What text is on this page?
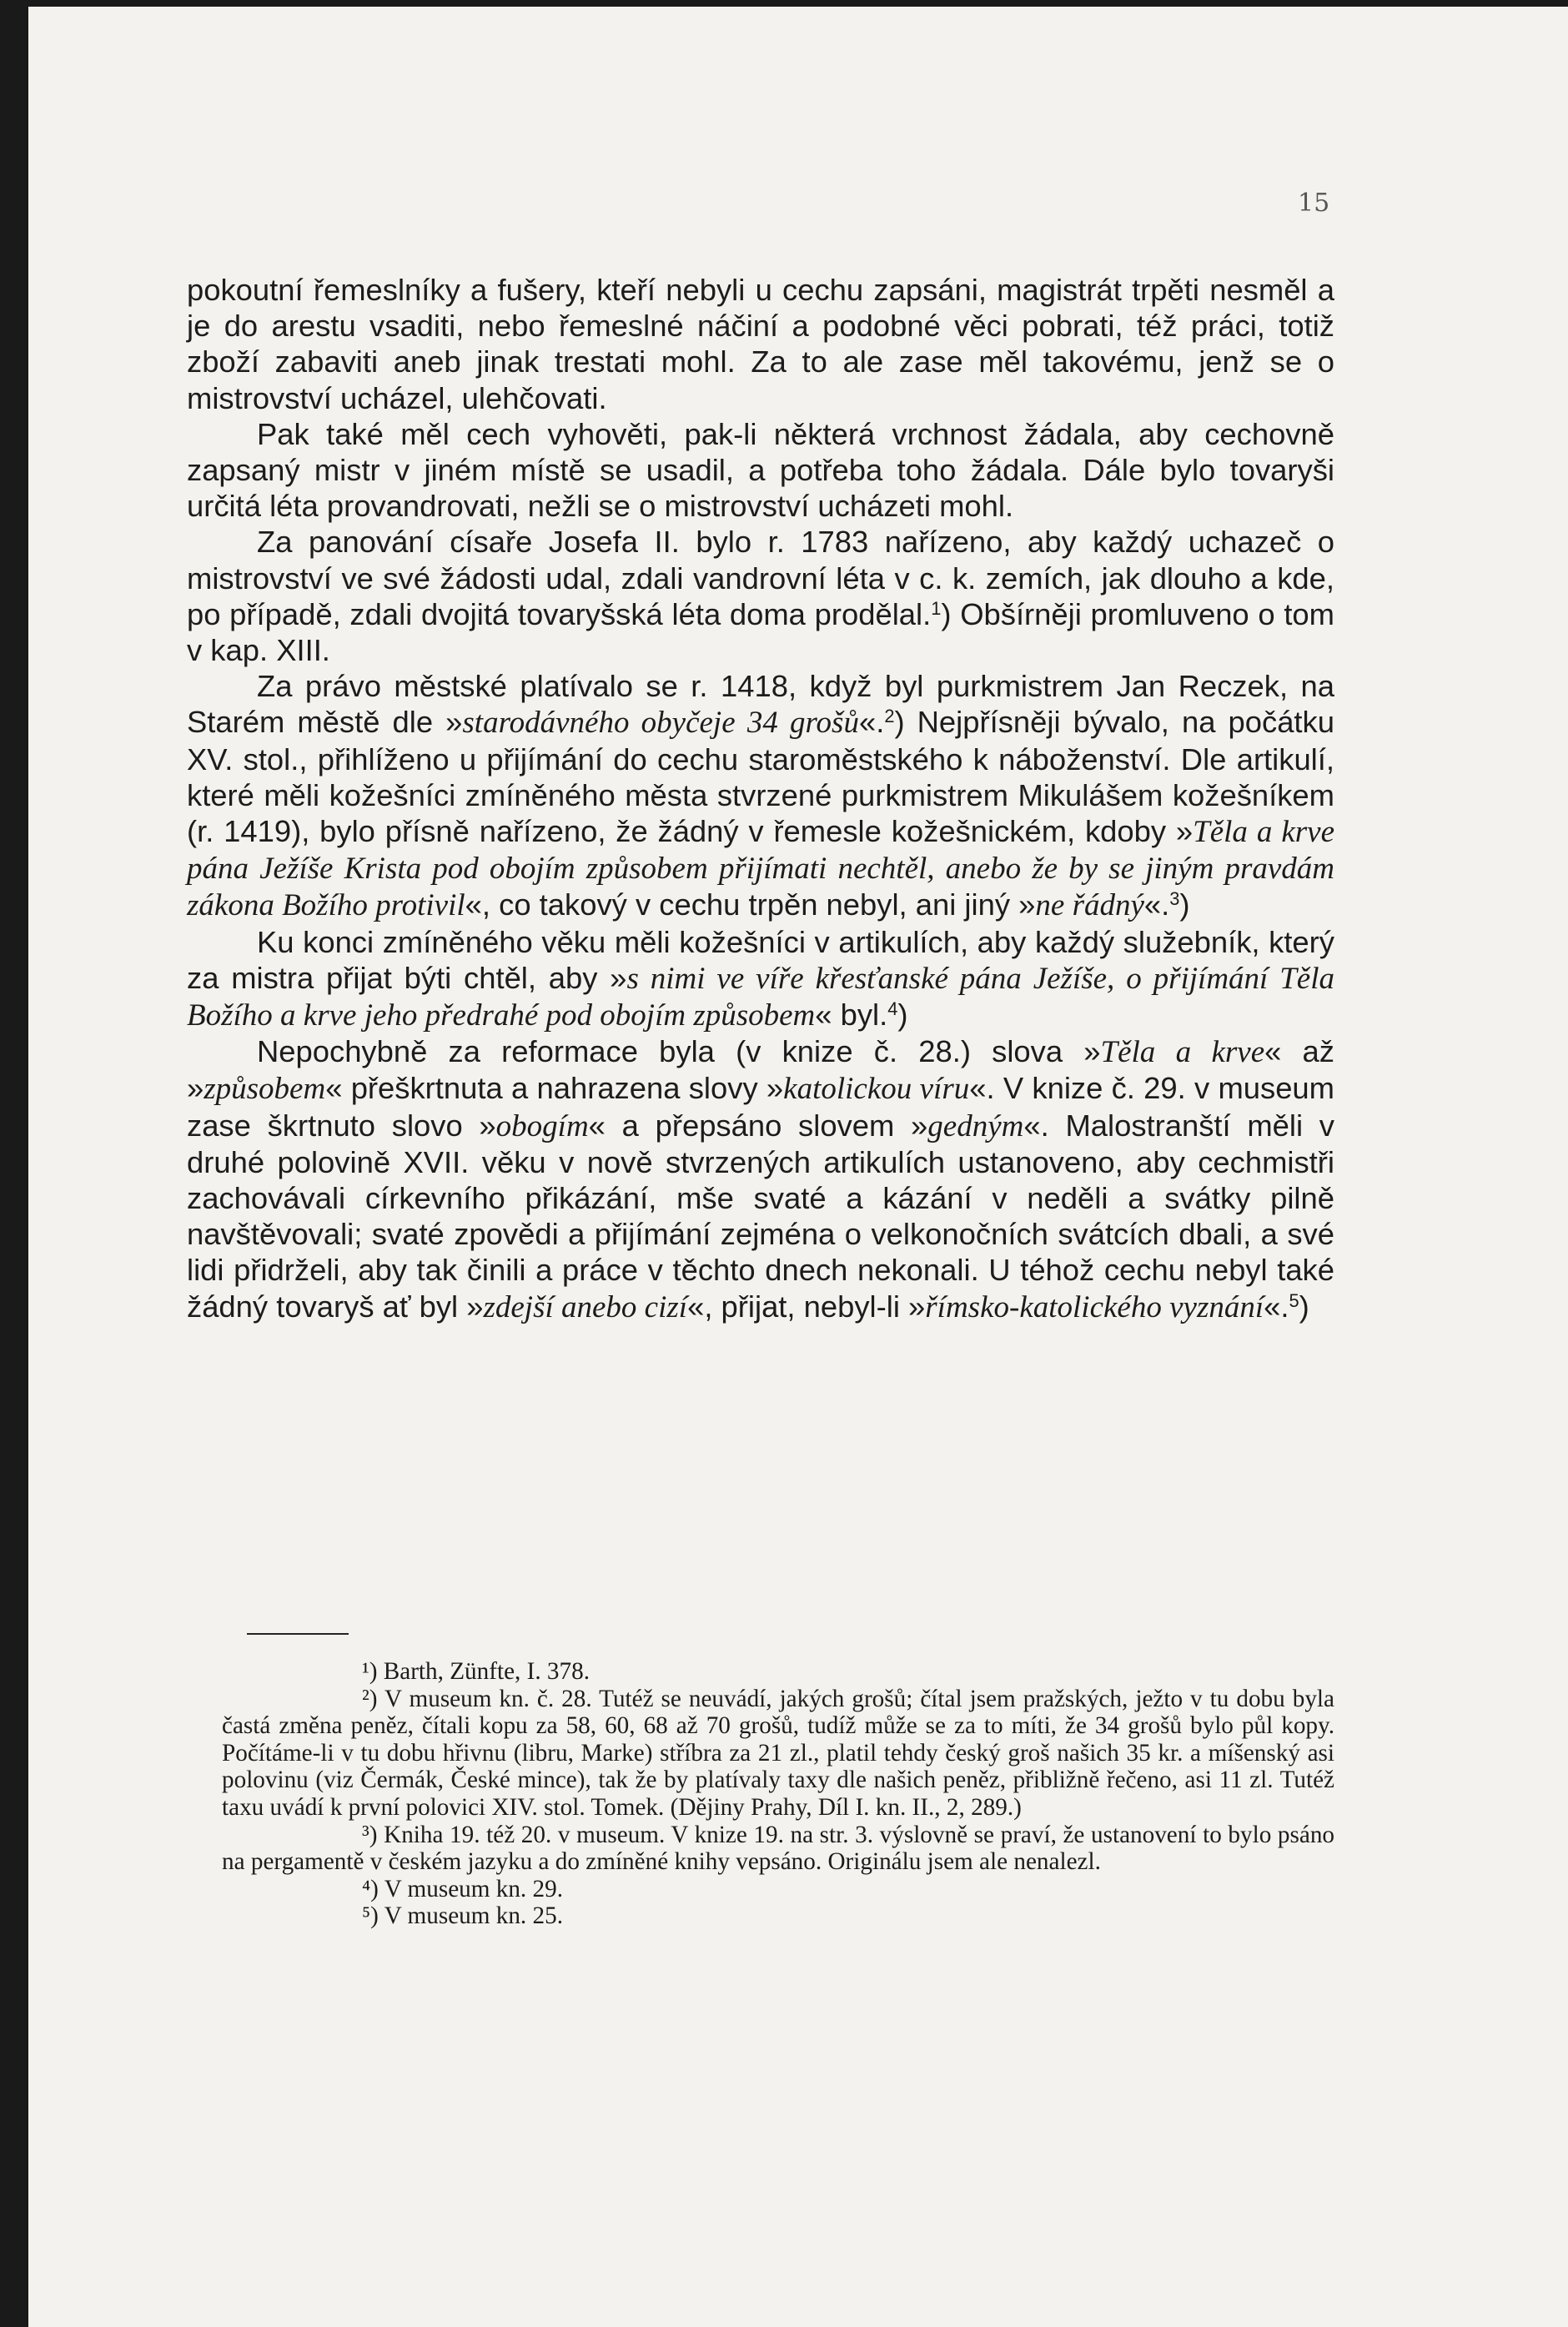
15

pokoutní řemeslníky a fušery, kteří nebyli u cechu zapsáni, magistrát trpěti nesměl a je do arestu vsaditi, nebo řemeslné náčiní a podobné věci pobrati, též práci, totiž zboží zabaviti aneb jinak trestati mohl. Za to ale zase měl takovému, jenž se o mistrovství ucházel, ulehčovati.

Pak také měl cech vyhověti, pak-li některá vrchnost žádala, aby cechovně zapsaný mistr v jiném místě se usadil, a potřeba toho žádala. Dále bylo tovaryši určitá léta provandrovati, nežli se o mistrovství ucházeti mohl.

Za panování císaře Josefa II. bylo r. 1783 nařízeno, aby každý uchazeč o mistrovství ve své žádosti udal, zdali vandrovní léta v c. k. zemích, jak dlouho a kde, po případě, zdali dvojitá tovaryšská léta doma prodělal.$^1$) Obšírněji promluveno o tom v kap. XIII.

Za právo městské platívalo se r. 1418, když byl purkmistrem Jan Reczek, na Starém městě dle »starodávného obyčeje 34 grošů«.$^2$) Nejpřísněji bývalo, na počátku XV. stol., přihlíženo u přijímání do cechu staroměstského k náboženství. Dle artikulí, které měli kožešníci zmíněného města stvrzené purkmistrem Mikulášem kožešníkem (r. 1419), bylo přísně nařízeno, že žádný v řemesle kožešnickém, kdoby »Těla a krve pána Ježíše Krista pod obojím způsobem přijímati nechtěl, anebo že by se jiným pravdám zákona Božího protivil«, co takový v cechu trpěn nebyl, ani jiný »ne řádný«.$^3$)

Ku konci zmíněného věku měli kožešníci v artikulích, aby každý služebník, který za mistra přijat býti chtěl, aby »s nimi ve víře křesťanské pána Ježíše, o přijímání Těla Božího a krve jeho předrahé pod obojím způsobem« byl.$^4$)

Nepochybně za reformace byla (v knize č. 28.) slova »Těla a krve« až »způsobem« přeškrtnuta a nahrazena slovy »katolickou víru«. V knize č. 29. v museum zase škrtnuto slovo »obogím« a přepsáno slovem »gedným«. Malostranští měli v druhé polovině XVII. věku v nově stvrzených artikulích ustanoveno, aby cechmistři zachovávali církevního přikázání, mše svaté a kázání v neděli a svátky pilně navštěvovali; svaté zpovědi a přijímání zejména o velkonočních svátcích dbali, a své lidi přidrželi, aby tak činili a práce v těchto dnech nekonali. U téhož cechu nebyl také žádný tovaryš ať byl »zdejší anebo cizí«, přijat, nebyl-li »římsko-katolického vyznání«.$^5$)

¹) Barth, Zünfte, I. 378.

²) V museum kn. č. 28. Tutéž se neuvádí, jakých grošů; čítal jsem pražských, ježto v tu dobu byla častá změna peněz, čítali kopu za 58, 60, 68 až 70 grošů, tudíž může se za to míti, že 34 grošů bylo půl kopy. Počítáme-li v tu dobu hřivnu (libru, Marke) stříbra za 21 zl., platil tehdy český groš našich 35 kr. a míšenský asi polovinu (viz Čermák, České mince), tak že by platívaly taxy dle našich peněz, přibližně řečeno, asi 11 zl. Tutéž taxu uvádí k první polovici XIV. stol. Tomek. (Dějiny Prahy, Díl I. kn. II., 2, 289.)

³) Kniha 19. též 20. v museum. V knize 19. na str. 3. výslovně se praví, že ustanovení to bylo psáno na pergamentě v českém jazyku a do zmíněné knihy vepsáno. Originálu jsem ale nenalezl.

⁴) V museum kn. 29.

⁵) V museum kn. 25.
